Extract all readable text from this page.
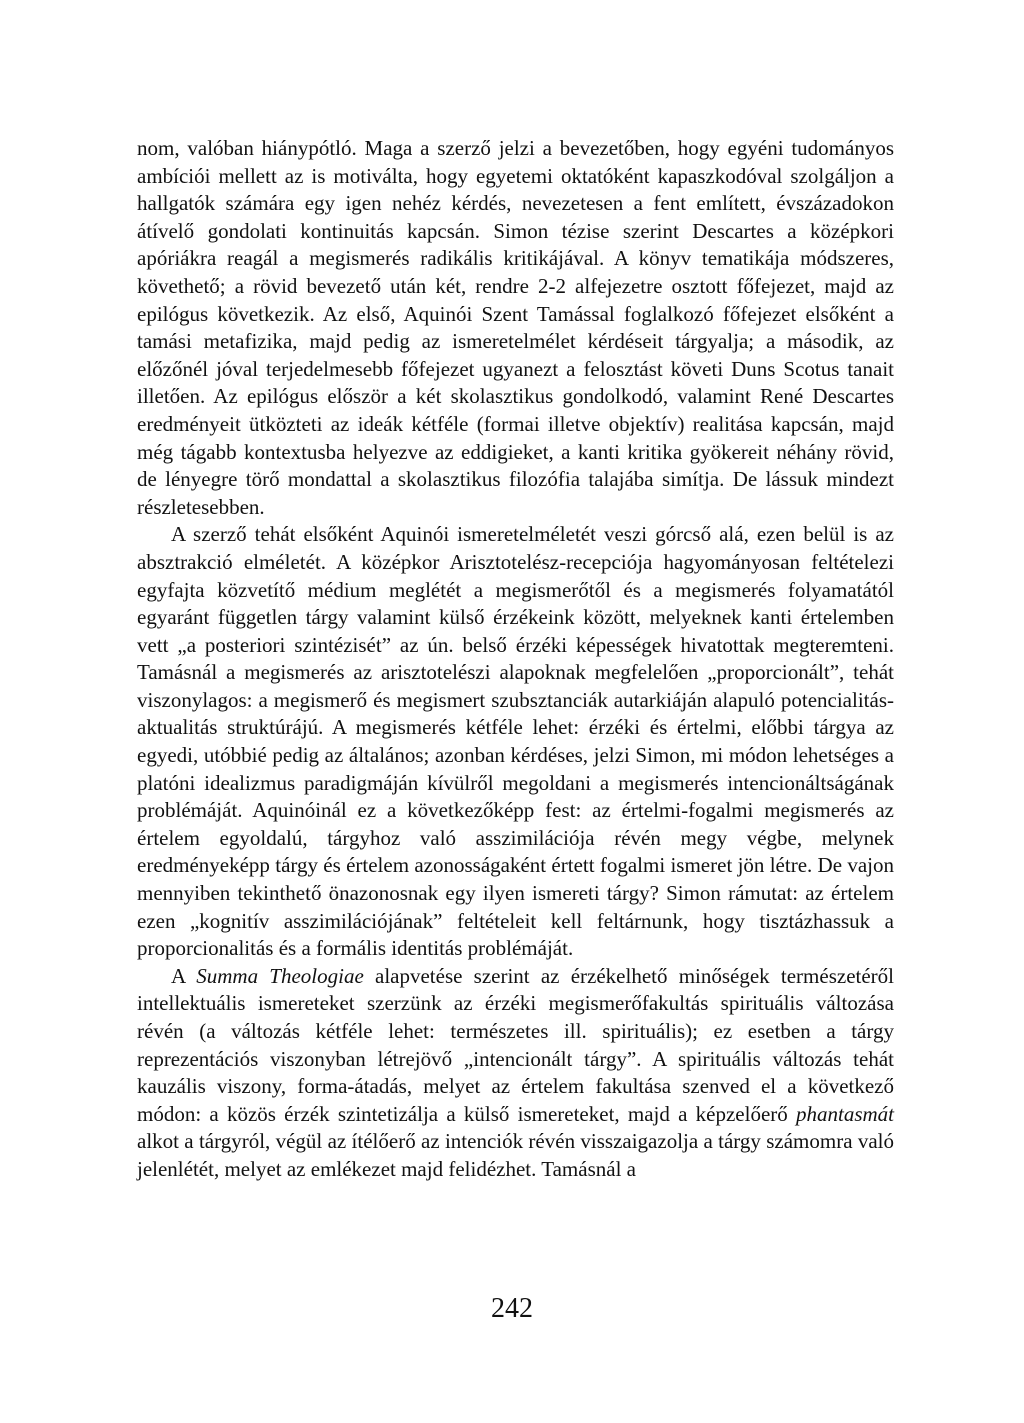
nom, valóban hiánypótló. Maga a szerző jelzi a bevezetőben, hogy egyéni tudományos ambíciói mellett az is motiválta, hogy egyetemi oktatóként kapaszkodóval szolgáljon a hallgatók számára egy igen nehéz kérdés, nevezetesen a fent említett, évszázadokon átívelő gondolati kontinuitás kapcsán. Simon tézise szerint Descartes a középkori apóriákra reagál a megismerés radikális kritikájával. A könyv tematikája módszeres, követhető; a rövid bevezető után két, rendre 2-2 alfejezetre osztott főfejezet, majd az epilógus következik. Az első, Aquinói Szent Tamással foglalkozó főfejezet elsőként a tamási metafizika, majd pedig az ismeretelmélet kérdéseit tárgyalja; a második, az előzőnél jóval terjedelmesebb főfejezet ugyanezt a felosztást követi Duns Scotus tanait illetően. Az epilógus először a két skolasztikus gondolkodó, valamint René Descartes eredményeit ütközteti az ideák kétféle (formai illetve objektív) realitása kapcsán, majd még tágabb kontextusba helyezve az eddigieket, a kanti kritika gyökereit néhány rövid, de lényegre törő mondattal a skolasztikus filozófia talajába simítja. De lássuk mindezt részletesebben.

A szerző tehát elsőként Aquinói ismeretelméletét veszi górcső alá, ezen belül is az absztrakció elméletét. A középkor Arisztotelész-recepciója hagyományosan feltételezi egyfajta közvetítő médium meglétét a megismerőtől és a megismerés folyamatától egyaránt független tárgy valamint külső érzékeink között, melyeknek kanti értelemben vett „a posteriori szintézisét” az ún. belső érzéki képességek hivatottak megteremteni. Tamásnál a megismerés az arisztotelészi alapoknak megfelelően „proporcionált”, tehát viszonylagos: a megismerő és megismert szubsztanciák autarkiáján alapuló potencialitás-aktualitás struktúrájú. A megismerés kétféle lehet: érzéki és értelmi, előbbi tárgya az egyedi, utóbbié pedig az általános; azonban kérdéses, jelzi Simon, mi módon lehetséges a platóni idealizmus paradigmáján kívülről megoldani a megismerés intencionáltságának problémáját. Aquinóinál ez a következőképp fest: az értelmi-fogalmi megismerés az értelem egyoldalú, tárgyhoz való asszimilációja révén megy végbe, melynek eredményeképp tárgy és értelem azonosságaként értett fogalmi ismeret jön létre. De vajon mennyiben tekinthető önazonosnak egy ilyen ismereti tárgy? Simon rámutat: az értelem ezen „kognitív asszimilációjának” feltételeit kell feltárnunk, hogy tisztázhassuk a proporcionalitás és a formális identitás problémáját.

A Summa Theologiae alapvetése szerint az érzékelhető minőségek természetéről intellektuális ismereteket szerzünk az érzéki megismerőfakultás spirituális változása révén (a változás kétféle lehet: természetes ill. spirituális); ez esetben a tárgy reprezentációs viszonyban létrejövő „intencionált tárgy”. A spirituális változás tehát kauzális viszony, forma-átadás, melyet az értelem fakultása szenved el a következő módon: a közös érzék szintetizálja a külső ismereteket, majd a képzelőerő phantasmát alkot a tárgyról, végül az ítélőerő az intenciók révén visszaigazolja a tárgy számomra való jelenlétét, melyet az emlékezet majd felidézhet. Tamásnál a

242
